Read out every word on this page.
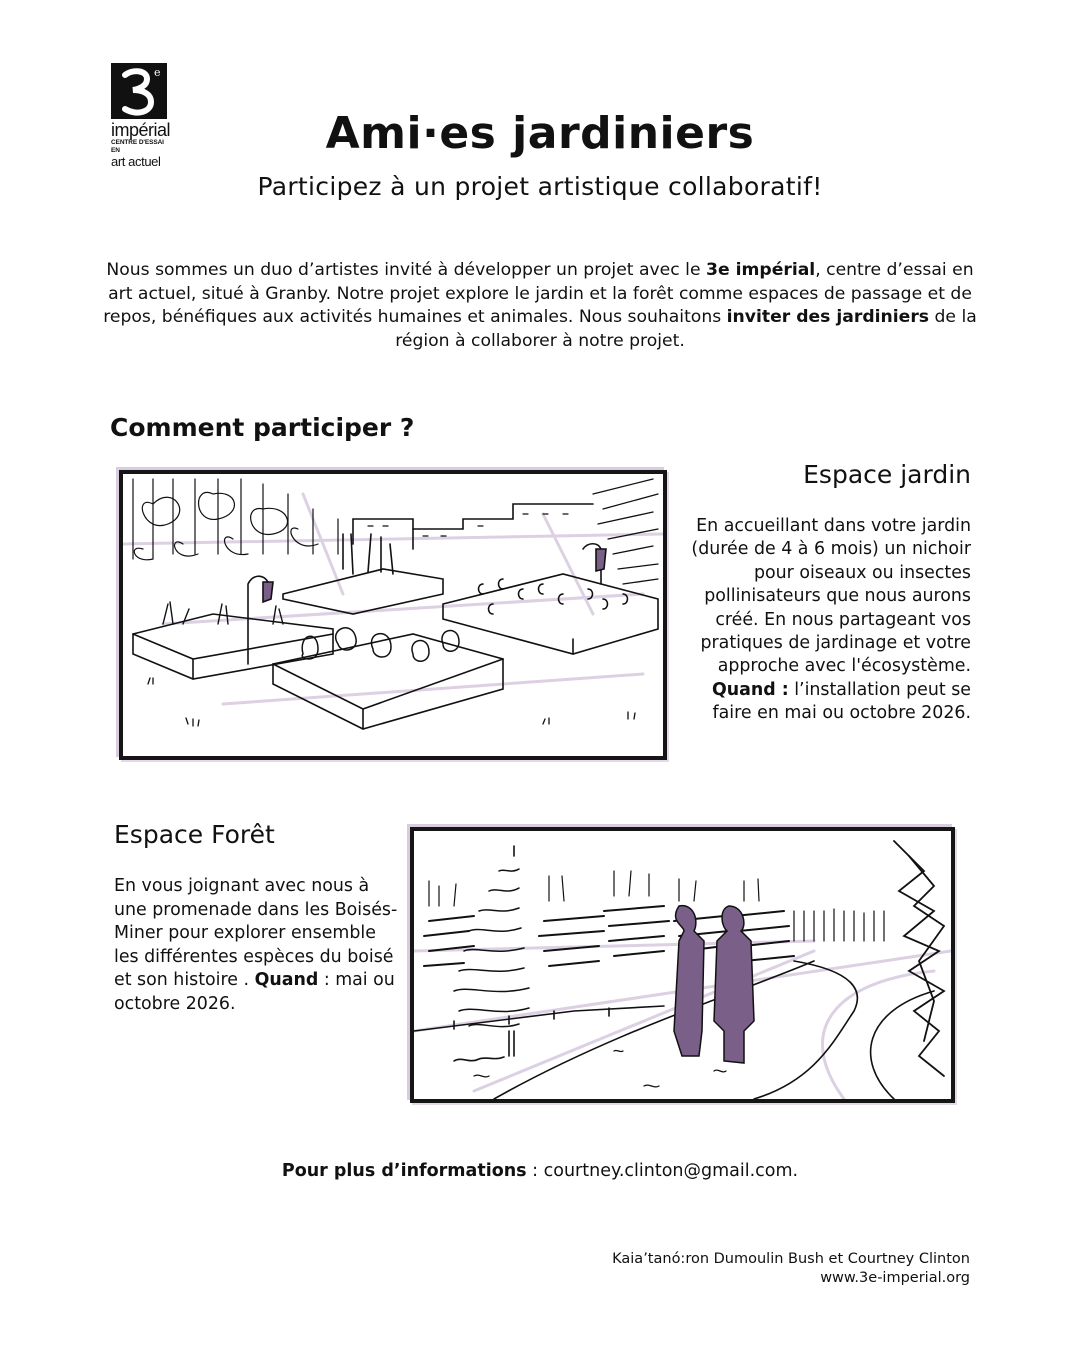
e
impérial
CENTRE D'ESSAI EN
art actuel
Ami·es jardiniers
Participez à un projet artistique collaboratif!
Nous sommes un duo d’artistes invité à développer un projet avec le 3e impérial, centre d’essai en art actuel, situé à Granby. Notre projet explore le jardin et la forêt comme espaces de passage et de repos, bénéfiques aux activités humaines et animales. Nous souhaitons inviter des jardiniers de la région à collaborer à notre projet.
Comment participer ?
Espace jardin
En accueillant dans votre jardin (durée de 4 à 6 mois) un nichoir pour oiseaux ou insectes pollinisateurs que nous aurons créé. En nous partageant vos pratiques de jardinage et votre approche avec l'écosystème. Quand : l’installation peut se faire en mai ou octobre 2026.
Espace Forêt
En vous joignant avec nous à une promenade dans les Boisés-Miner pour explorer ensemble les différentes espèces du boisé et son histoire . Quand : mai ou octobre 2026.
Pour plus d’informations : courtney.clinton@gmail.com.
Kaia’tanó:ron Dumoulin Bush et Courtney Clinton
www.3e-imperial.org
